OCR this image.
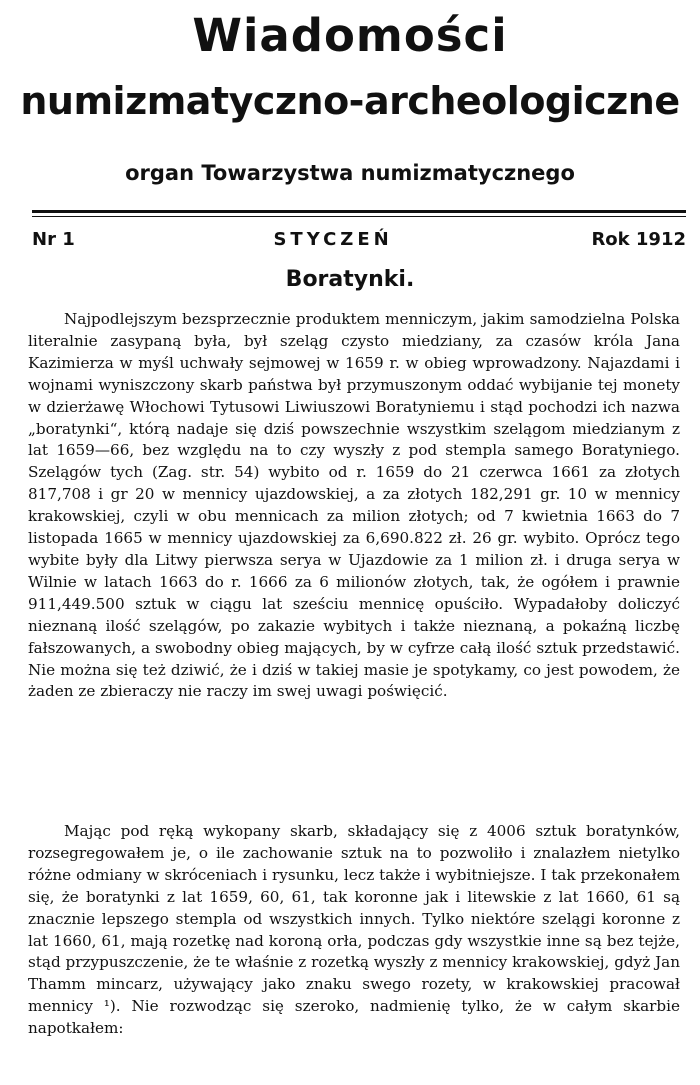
Wiadomości
numizmatyczno-archeologiczne
organ Towarzystwa numizmatycznego
Nr 1	STYCZEŃ	Rok 1912
Boratynki.

Najpodlejszym bezsprzecznie produktem menniczym, jakim samodzielna Polska literalnie zasypaną była, był szeląg czysto miedziany, za czasów króla Jana Kazimierza w myśl uchwały sejmowej w 1659 r. w obieg wprowadzony. Najazdami i wojnami wyniszczony skarb państwa był przymuszonym oddać wybijanie tej monety w dzierżawę Włochowi Tytusowi Liwiuszowi Boratyniemu i stąd pochodzi ich nazwa „boratynki“, którą nadaje się dziś powszechnie wszystkim szelągom miedzianym z lat 1659—66, bez względu na to czy wyszły z pod stempla samego Boratyniego. Szelągów tych (Zag. str. 54) wybito od r. 1659 do 21 czerwca 1661 za złotych 817,708 i gr 20 w mennicy ujazdowskiej, a za złotych 182,291 gr. 10 w mennicy krakowskiej, czyli w obu mennicach za milion złotych; od 7 kwietnia 1663 do 7 listopada 1665 w mennicy ujazdowskiej za 6,690.822 zł. 26 gr. wybito. Oprócz tego wybite były dla Litwy pierwsza serya w Ujazdowie za 1 milion zł. i druga serya w Wilnie w latach 1663 do r. 1666 za 6 milionów złotych, tak, że ogółem i prawnie 911,449.500 sztuk w ciągu lat sześciu mennicę opuściło. Wypadałoby doliczyć nieznaną ilość szelągów, po zakazie wybitych i także nieznaną, a pokaźną liczbę fałszowanych, a swobodny obieg mających, by w cyfrze całą ilość sztuk przedstawić. Nie można się też dziwić, że i dziś w takiej masie je spotykamy, co jest powodem, że żaden ze zbieraczy nie raczy im swej uwagi poświęcić.

Mając pod ręką wykopany skarb, składający się z 4006 sztuk boratynków, rozsegregowałem je, o ile zachowanie sztuk na to pozwoliło i znalazłem nietylko różne odmiany w skróceniach i rysunku, lecz także i wybitniejsze. I tak przekonałem się, że boratynki z lat 1659, 60, 61, tak koronne jak i litewskie z lat 1660, 61 są znacznie lepszego stempla od wszystkich innych. Tylko niektóre szelągi koronne z lat 1660, 61, mają rozetkę nad koroną orła, podczas gdy wszystkie inne są bez tejże, stąd przypuszczenie, że te właśnie z rozetką wyszły z mennicy krakowskiej, gdyż Jan Thamm mincarz, używający jako znaku swego rozety, w krakowskiej pracował mennicy ¹). Nie rozwodząc się szeroko, nadmienię tylko, że w całym skarbie napotkałem:
